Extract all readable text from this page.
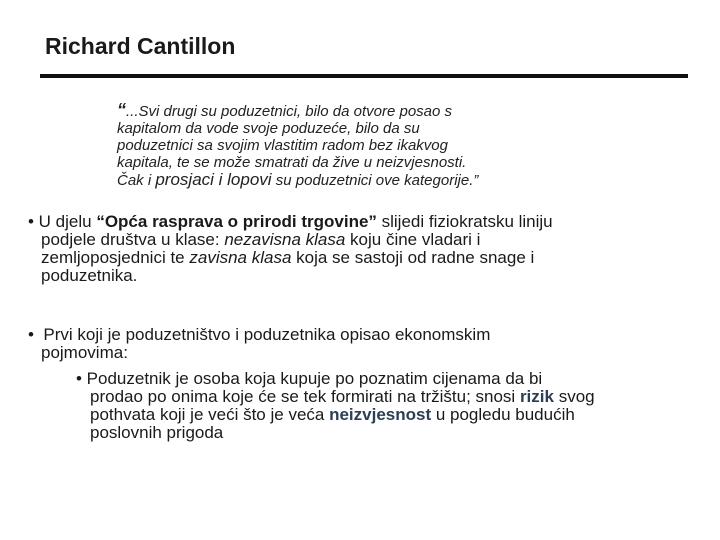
Richard Cantillon
“...Svi drugi su poduzetnici, bilo da otvore posao s
kapitalom da vode svoje poduzeće, bilo da su
poduzetnici sa svojim vlastitim radom bez ikakvog
kapitala, te se može smatrati da žive u neizvjesnosti.
Čak i prosjaci i lopovi su poduzetnici ove kategorije.”
• U djelu “Opća rasprava o prirodi trgovine” slijedi fiziokratsku liniju
podjele društva u klase: nezavisna klasa koju čine vladari i
zemljoposjednici te zavisna klasa koja se sastoji od radne snage i
poduzetnika.
•  Prvi koji je poduzetništvo i poduzetnika opisao ekonomskim
pojmovima:
• Poduzetnik je osoba koja kupuje po poznatim cijenama da bi
prodao po onima koje će se tek formirati na tržištu; snosi rizik svog
pothvata koji je veći što je veća neizvjesnost u pogledu budućih
poslovnih prigoda
